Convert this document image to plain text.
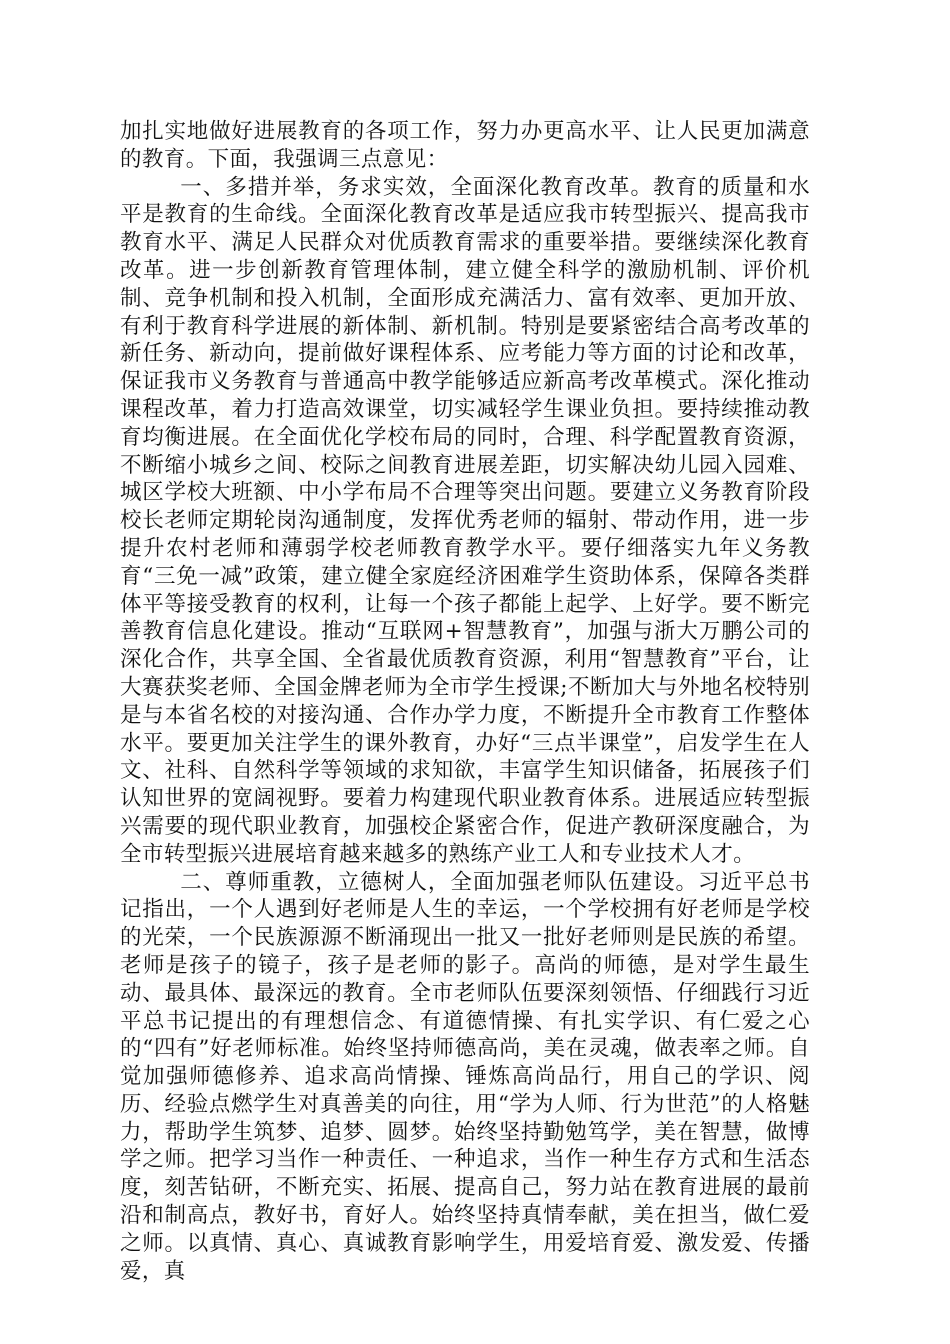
加扎实地做好进展教育的各项工作，努力办更高水平、让人民更加满意的教育。下面，我强调三点意见：

一、多措并举，务求实效，全面深化教育改革。教育的质量和水平是教育的生命线。全面深化教育改革是适应我市转型振兴、提高我市教育水平、满足人民群众对优质教育需求的重要举措。要继续深化教育改革。进一步创新教育管理体制，建立健全科学的激励机制、评价机制、竞争机制和投入机制，全面形成充满活力、富有效率、更加开放、有利于教育科学进展的新体制、新机制。特别是要紧密结合高考改革的新任务、新动向，提前做好课程体系、应考能力等方面的讨论和改革，保证我市义务教育与普通高中教学能够适应新高考改革模式。深化推动课程改革，着力打造高效课堂，切实减轻学生课业负担。要持续推动教育均衡进展。在全面优化学校布局的同时，合理、科学配置教育资源，不断缩小城乡之间、校际之间教育进展差距，切实解决幼儿园入园难、城区学校大班额、中小学布局不合理等突出问题。要建立义务教育阶段校长老师定期轮岗沟通制度，发挥优秀老师的辐射、带动作用，进一步提升农村老师和薄弱学校老师教育教学水平。要仔细落实九年义务教育“三免一减”政策，建立健全家庭经济困难学生资助体系，保障各类群体平等接受教育的权利，让每一个孩子都能上起学、上好学。要不断完善教育信息化建设。推动“互联网+智慧教育”，加强与浙大万鹏公司的深化合作，共享全国、全省最优质教育资源，利用“智慧教育”平台，让大赛获奖老师、全国金牌老师为全市学生授课;不断加大与外地名校特别是与本省名校的对接沟通、合作办学力度，不断提升全市教育工作整体水平。要更加关注学生的课外教育，办好“三点半课堂”，启发学生在人文、社科、自然科学等领域的求知欲，丰富学生知识储备，拓展孩子们认知世界的宽阔视野。要着力构建现代职业教育体系。进展适应转型振兴需要的现代职业教育，加强校企紧密合作，促进产教研深度融合，为全市转型振兴进展培育越来越多的熟练产业工人和专业技术人才。

二、尊师重教，立德树人，全面加强老师队伍建设。习近平总书记指出，一个人遇到好老师是人生的幸运，一个学校拥有好老师是学校的光荣，一个民族源源不断涌现出一批又一批好老师则是民族的希望。老师是孩子的镜子，孩子是老师的影子。高尚的师德，是对学生最生动、最具体、最深远的教育。全市老师队伍要深刻领悟、仔细践行习近平总书记提出的有理想信念、有道德情操、有扎实学识、有仁爱之心的“四有”好老师标准。始终坚持师德高尚，美在灵魂，做表率之师。自觉加强师德修养、追求高尚情操、锤炼高尚品行，用自己的学识、阅历、经验点燃学生对真善美的向往，用“学为人师、行为世范”的人格魅力，帮助学生筑梦、追梦、圆梦。始终坚持勤勉笃学，美在智慧，做博学之师。把学习当作一种责任、一种追求，当作一种生存方式和生活态度，刻苦钻研，不断充实、拓展、提高自己，努力站在教育进展的最前沿和制高点，教好书，育好人。始终坚持真情奉献，美在担当，做仁爱之师。以真情、真心、真诚教育影响学生，用爱培育爱、激发爱、传播爱，真
